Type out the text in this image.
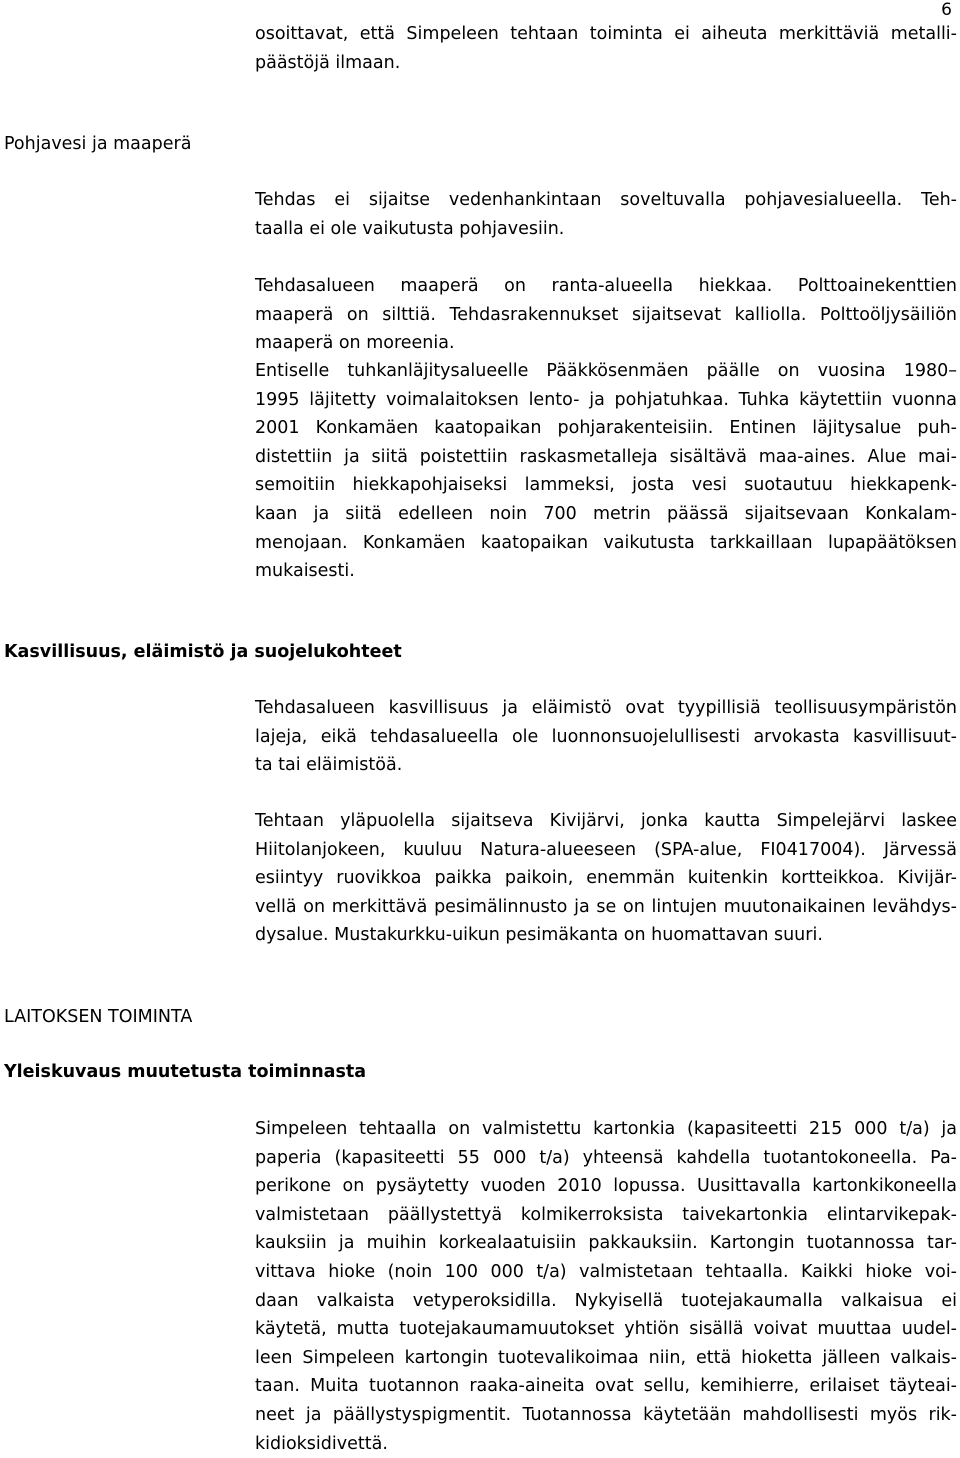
6
osoittavat, että Simpeleen tehtaan toiminta ei aiheuta merkittäviä metalli-
päästöjä ilmaan.
Pohjavesi ja maaperä
Tehdas ei sijaitse vedenhankintaan soveltuvalla pohjavesialueella. Teh-
taalla ei ole vaikutusta pohjavesiin.
Tehdasalueen maaperä on ranta-alueella hiekkaa. Polttoainekenttien
maaperä on silttiä. Tehdasrakennukset sijaitsevat kalliolla. Polttoöljysäiliön
maaperä on moreenia.
Entiselle tuhkanläjitysalueelle Pääkkösenmäen päälle on vuosina 1980–
1995 läjitetty voimalaitoksen lento- ja pohjatuhkaa. Tuhka käytettiin vuonna
2001 Konkamäen kaatopaikan pohjarakenteisiin. Entinen läjitysalue puh-
distettiin ja siitä poistettiin raskasmetalleja sisältävä maa-aines. Alue mai-
semoitiin hiekkapohjaiseksi lammeksi, josta vesi suotautuu hiekkapenk-
kaan ja siitä edelleen noin 700 metrin päässä sijaitsevaan Konkalam-
menojaan. Konkamäen kaatopaikan vaikutusta tarkkaillaan lupapäätöksen
mukaisesti.
Kasvillisuus, eläimistö ja suojelukohteet
Tehdasalueen kasvillisuus ja eläimistö ovat tyypillisiä teollisuusympäristön
lajeja, eikä tehdasalueella ole luonnonsuojelullisesti arvokasta kasvillisuut-
ta tai eläimistöä.
Tehtaan yläpuolella sijaitseva Kivijärvi, jonka kautta Simpelejärvi laskee
Hiitolanjokeen, kuuluu Natura-alueeseen (SPA-alue, FI0417004). Järvessä
esiintyy ruovikkoa paikka paikoin, enemmän kuitenkin kortteikkoa. Kivijär-
vellä on merkittävä pesimälinnusto ja se on lintujen muutonaikainen levähdys-
dysalue. Mustakurkku-uikun pesimäkanta on huomattavan suuri.
LAITOKSEN TOIMINTA
Yleiskuvaus muutetusta toiminnasta
Simpeleen tehtaalla on valmistettu kartonkia (kapasiteetti 215 000 t/a) ja
paperia (kapasiteetti 55 000 t/a) yhteensä kahdella tuotantokoneella. Pa-
perikone on pysäytetty vuoden 2010 lopussa. Uusittavalla kartonkikoneella
valmistetaan päällystettyä kolmikerroksista taivekartonkia elintarvikepak-
kauksiin ja muihin korkealaatuisiin pakkauksiin. Kartongin tuotannossa tar-
vittava hioke (noin 100 000 t/a) valmistetaan tehtaalla. Kaikki hioke voi-
daan valkaista vetyperoksidilla. Nykyisellä tuotejakaumalla valkaisua ei
käytetä, mutta tuotejakaumamuutokset yhtiön sisällä voivat muuttaa uudel-
leen Simpeleen kartongin tuotevalikoimaa niin, että hioketta jälleen valkais-
taan. Muita tuotannon raaka-aineita ovat sellu, kemihierre, erilaiset täyteai-
neet ja päällystyspigmentit. Tuotannossa käytetään mahdollisesti myös rik-
kidioksidivettä.
